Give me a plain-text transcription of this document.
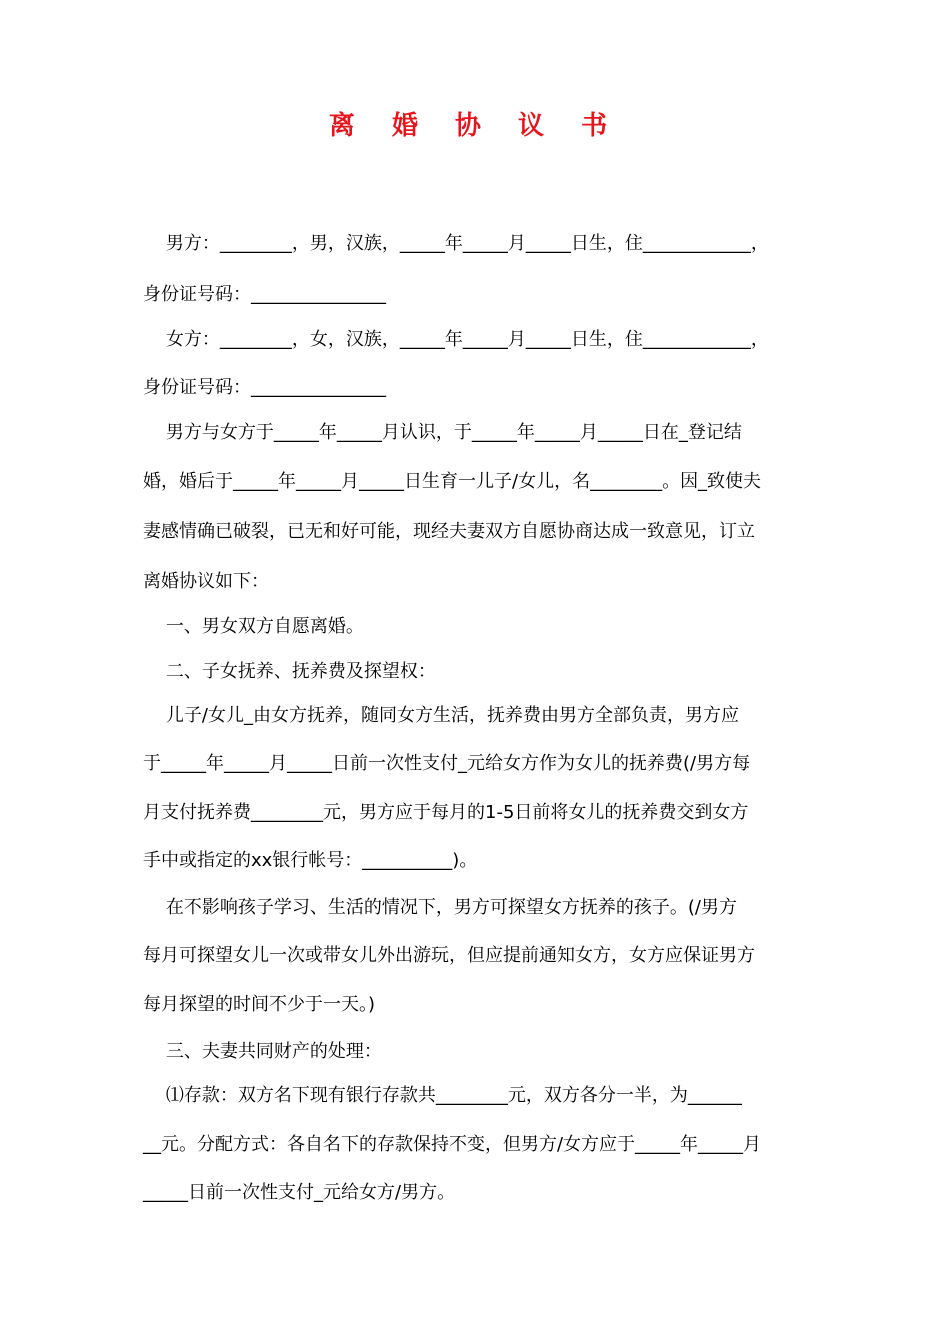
离 婚 协 议 书

男方：________，男，汉族，_____年_____月_____日生，住____________，

身份证号码：_______________

女方：________，女，汉族，_____年_____月_____日生，住____________，

身份证号码：_______________

男方与女方于_____年_____月认识，于_____年_____月_____日在_登记结

婚，婚后于_____年_____月_____日生育一儿子/女儿，名________。因_致使夫

妻感情确已破裂，已无和好可能，现经夫妻双方自愿协商达成一致意见，订立

离婚协议如下：

一、男女双方自愿离婚。

二、子女抚养、抚养费及探望权：

儿子/女儿_由女方抚养，随同女方生活，抚养费由男方全部负责，男方应

于_____年_____月_____日前一次性支付_元给女方作为女儿的抚养费(/男方每

月支付抚养费________元，男方应于每月的1-5日前将女儿的抚养费交到女方

手中或指定的xx银行帐号：__________)。

在不影响孩子学习、生活的情况下，男方可探望女方抚养的孩子。(/男方

每月可探望女儿一次或带女儿外出游玩，但应提前通知女方，女方应保证男方

每月探望的时间不少于一天。)

三、夫妻共同财产的处理：

⑴存款：双方名下现有银行存款共________元，双方各分一半，为______

__元。分配方式：各自名下的存款保持不变，但男方/女方应于_____年_____月

_____日前一次性支付_元给女方/男方。
